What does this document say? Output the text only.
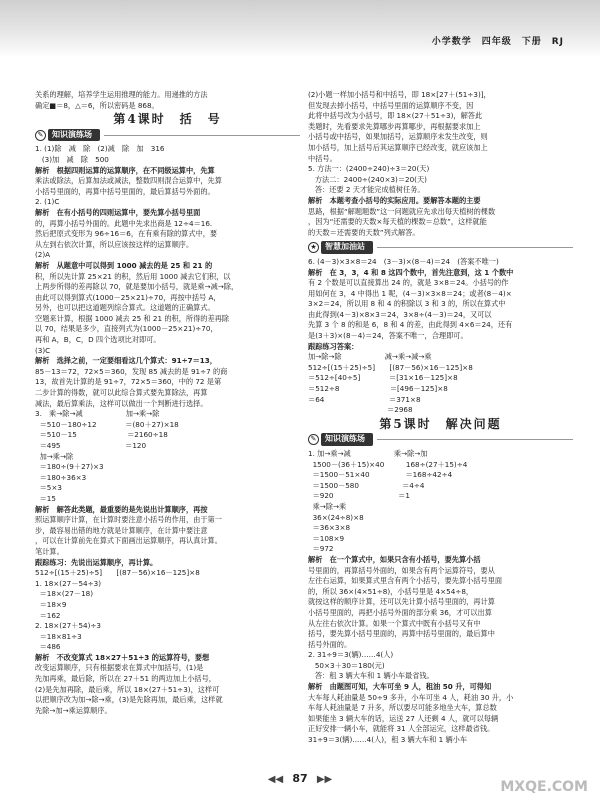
小学数学　四年级　下册　RJ

关系的理解，培养学生运用推理的能力。用递推的方法

确定■＝8，△＝6，所以密码是 868。

第4课时　括　号
✎	知识演练场

1. (1)除　减　除　(2)减　除　加　316

(3)加　减　除　500

解析　根据四则运算的运算顺序，在不同级运算中，先算

乘法或除法，后算加法或减法，整数四则混合运算中，先算

小括号里面的，再算中括号里面的，最后算括号外面的。

2. (1)C

解析　在有小括号的四则运算中，要先算小括号里面

的，再算小括号外面的。此题中先求出商是 12÷4＝16.

然后把原式变形为 96÷16＝6，在有乘有除的算式中，要

从左到右依次计算，所以应该按这样的运算顺序。

(2)A

解析　从题意中可以得到 1000 减去的是 25 和 21 的

积，所以先计算 25×21 的积，然后用 1000 减去它们积，以

上两步所得的差再除以 70，就是要加小括号，就是乘→减→除，

由此可以得到算式(1000－25×21)÷70，再按中括号 A，

另外，也可以把这道题列综合算式。这道题的正确算式。

空题来计算，根据 1000 减去 25 和 21 的积，所得的差再除

以 70，结果是多少，直接列式为(1000－25×21)÷70，

再和 A，B，C，D 四个选项比对即可。

(3)C

解析　选择之前，一定要细看这几个算式：91÷7＝13，

85－13＝72，72×5＝360，发现 85 减去的是 91÷7 的商

13，故首先计算的是 91÷7，72×5＝360，中的 72 是第

二步计算的得数，就可以此综合算式要先算除法，再算

减法，最后算乘法，这样可以做出一个判断进行选择。

3.　乘→除→减　　　　　　加→乘→除

＝510－180÷12　　　　＝(80＋27)×18

＝510－15　　　　　　　＝2160÷18

＝495　　　　　　　　　＝120

加→乘→除

＝180÷(9＋27)×3

＝180÷36×3

＝5×3

＝15

解析　解答此类题，最重要的是先说出计算顺序，再按

照运算顺序计算，在计算时要注意小括号的作用，由于第一

步，最容易出错的地方就是计算顺序，在计算中要注意

，可以在计算前先在算式下面画出运算顺序，再认真计算。

笔计算。

跟踪练习：先说出运算顺序，再计算。

512÷[(15＋25)÷5]　　[(87－56)×16－125]×8

1. 18×(27－54÷3)

＝18×(27－18)

＝18×9

＝162

2. 18×(27＋54)÷3

＝18×81÷3

＝486

解析　不改变算式 18×27＋51÷3 的运算符号，要想

改变运算顺序，只有根据要求在算式中加括号，(1)是

先加再乘，最后除，所以在 27＋51 的两边加上小括号，

(2)是先加再除，最后乘，所以 18×(27＋51÷3)，这样可

以把顺序改为加→除→乘，(3)是先除再加，最后乘，这样就

先除→加→乘运算顺序。

(2)小题一样加小括号和中括号，即 18×[27＋(51÷3)]，

但发现去掉小括号，中括号里面的运算顺序不变，因

此将中括号改为小括号，即 18×(27＋51÷3)，解答此

类题时，先看要求先算哪步再算哪步，再根据要求加上

小括号或中括号，如果加括号，运算顺序未发生改变，则

加小括号，加上括号后其运算顺序已经改变，就应该加上

中括号。

5. 方法一：(2400÷240)÷3＝20(天)

方法二：2400÷(240×3)＝20(天)

答：还要 2 天才能完成植树任务。

解析　本题考查小括号的实际应用。要解答本题的主要

思路，根据“解题题数”这一问题就应先求出每天植树的棵数

，因为“还需要的天数×每天植的棵数＝总数”，这样就能

的天数＝还需要的天数”列式解答。

★	智慧加油站

6. (4－3)×3×8＝24　(3－3)×(8－4)＝24　(答案不唯一)

解析　在 3，3，4 和 8 这四个数中，首先注意到，这 1 个数中

有 2 个数是可以直接算出 24 的，就是 3×8＝24。小括号的作

用如何在 3，4 中得出 1 呢，(4－3)×3×8＝24；或者(8－4)×

3×2＝24，所以用 8 和 4 的积除以 3 和 3 的，所以在算式中

由此得到(4－3)×8×3＝24，3×8÷(4－3)＝24，又可以

先算 3 个 8 的和是 6，8 和 4 的差，由此得到 4×6＝24，还有

是(3＋3)×(8－4)＝24，答案不唯一，合理即可。

跟踪练习答案：

加→除→除　　　　　　减→乘→减→乘

512÷[(15＋25)÷5]　　[(87－56)×16－125]×8

＝512÷[40÷5]　　　　＝[31×16－125]×8

＝512÷8　　　　　　　＝[496－125]×8

＝64　　　　　　　　　＝371×8

　　　　　　　　　　　＝2968

第5课时　解决问题
✎	知识演练场

1. 加→乘→减　　　　　　乘→除→加

1500－(36＋15)×40　　　168÷(27＋15)÷4

＝1500－51×40　　　　　＝168÷42÷4

＝1500－580　　　　　　＝4÷4

＝920　　　　　　　　　＝1

乘→除→乘

36×(24÷8)×8

＝36×3×8

＝108×9

＝972

解析　在一个算式中，如果只含有小括号，要先算小括

号里面的，再算括号外面的，如果含有两个运算符号，要从

左往右运算，如果算式里含有两个小括号，要先算小括号里面

的，所以 36×(4×51÷8)，小括号里是 4×54÷8，

就按这样的顺序计算，还可以先计算小括号里面的，再计算

小括号里面的，再把小括号外面的部分乘 36，才可以出算

从左往右依次计算。如果一个算式中既有小括号又有中

括号，要先算小括号里面的，再算中括号里面的，最后算中

括号外面的。

2. 31÷9＝3(辆)……4(人)

50×3＋30＝180(元)

答：租 3 辆大车和 1 辆小车最省钱。

解析　由题图可知，大车可坐 9 人，租油 50 升，可得知

大车每人耗油量是 50÷9 多升，小车可坐 4 人，耗油 30 升，小

车每人耗油量是 7 升多，所以要尽可能多地坐大车，算总数

如果能坐 3 辆大车的话，运送 27 人还剩 4 人，就可以每辆

正好安排一辆小车，就能将 31 人全部运完，这样最省钱。

31÷9＝3(辆)……4(人)，租 3 辆大车和 1 辆小车

◀◀ 87 ▶▶	MXQE.COM
